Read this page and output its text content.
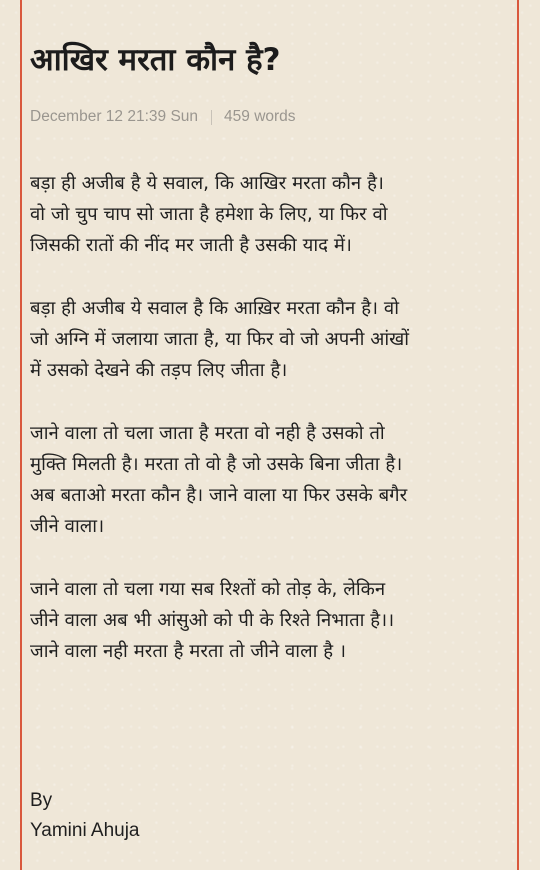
आखिर मरता कौन है?
December 12 21:39 Sun 459 words

बड़ा ही अजीब है ये सवाल, कि आखिर मरता कौन है।
वो जो चुप चाप सो जाता है हमेशा के लिए, या फिर वो
जिसकी रातों की नींद मर जाती है उसकी याद में।

बड़ा ही अजीब ये सवाल है कि आख़िर मरता कौन है। वो
जो अग्नि में जलाया जाता है, या फिर वो जो अपनी आंखों
में उसको देखने की तड़प लिए जीता है।

जाने वाला तो चला जाता है मरता वो नही है उसको तो
मुक्ति मिलती है। मरता तो वो है जो उसके बिना जीता है।
अब बताओ मरता कौन है। जाने वाला या फिर उसके बगैर
जीने वाला।

जाने वाला तो चला गया सब रिश्तों को तोड़ के, लेकिन
जीने वाला अब भी आंसुओ को पी के रिश्ते निभाता है।।
जाने वाला नही मरता है मरता तो जीने वाला है ।

By
Yamini Ahuja
